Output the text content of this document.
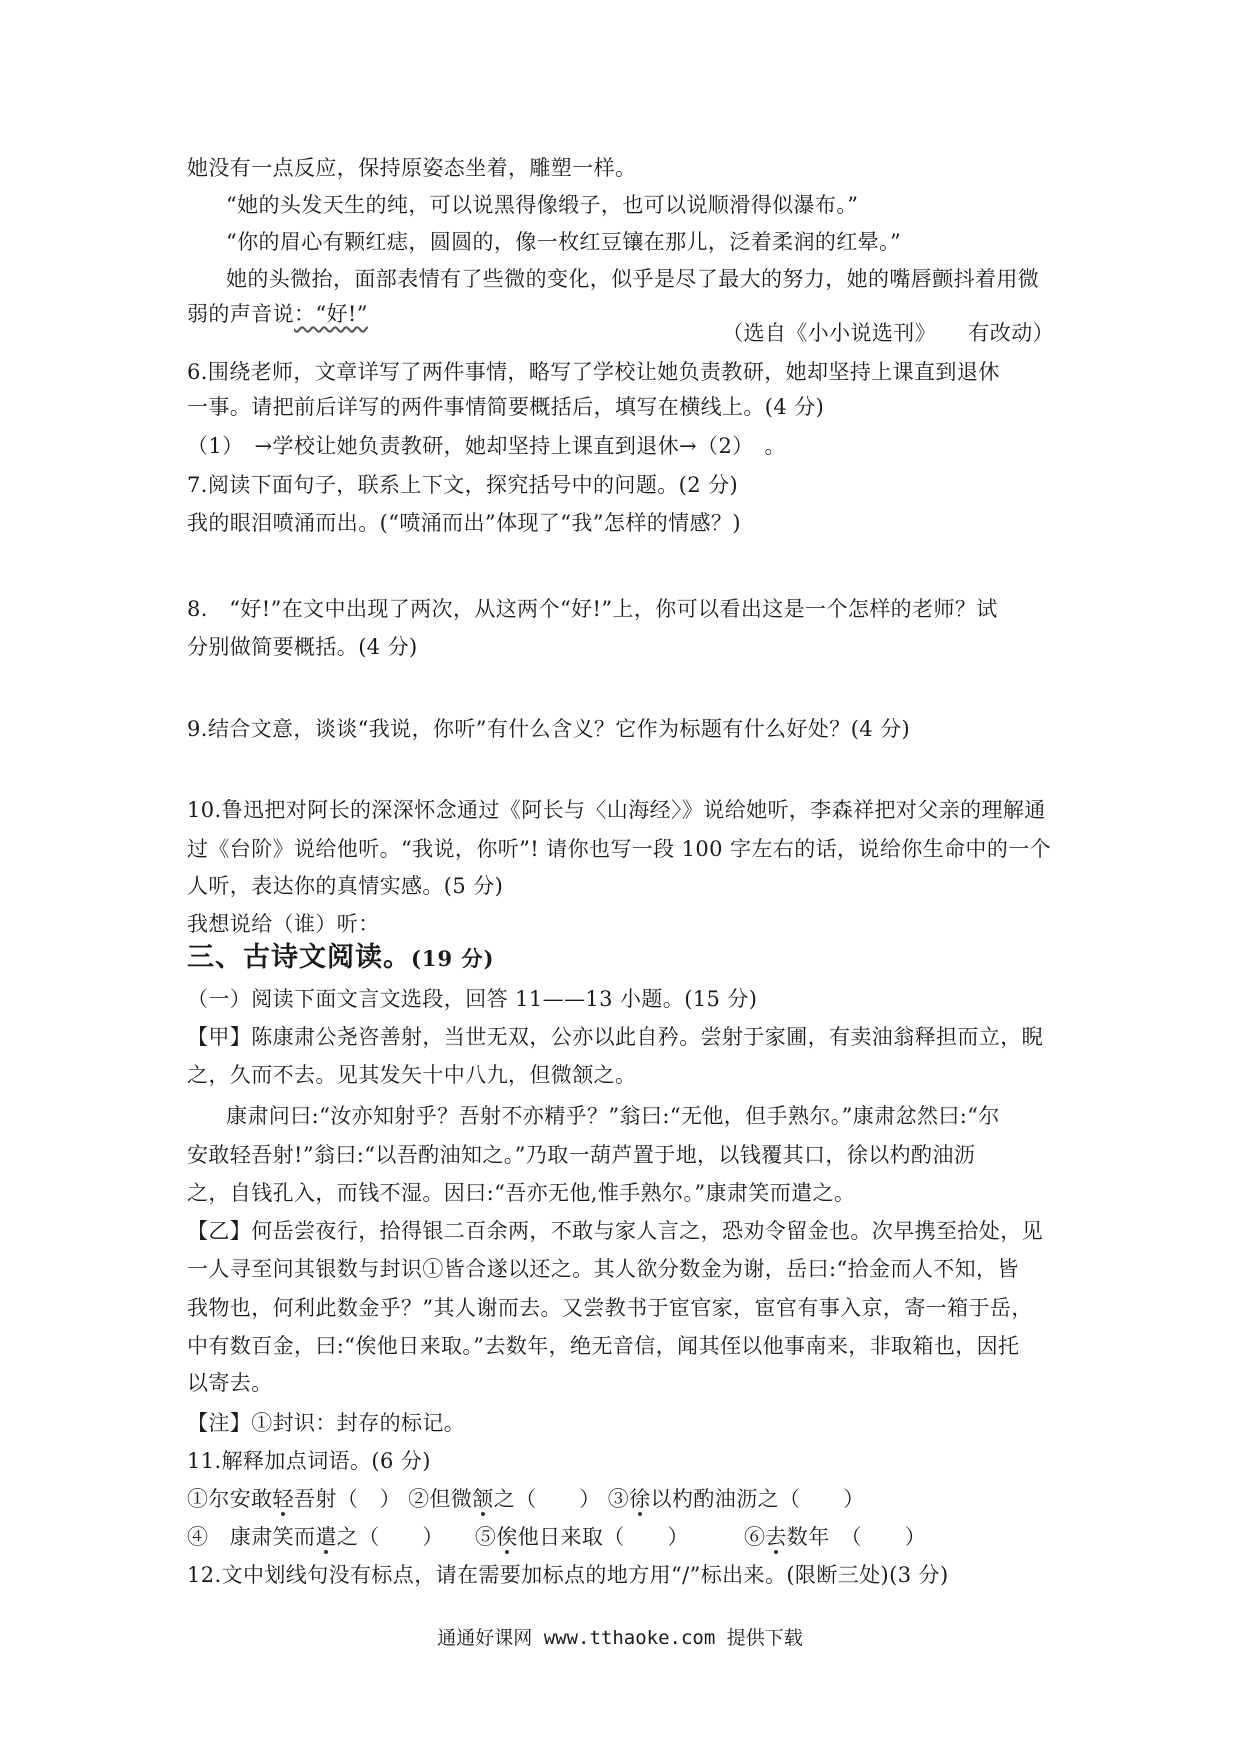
她没有一点反应，保持原姿态坐着，雕塑一样。
“她的头发天生的纯，可以说黑得像缎子，也可以说顺滑得似瀑布。”
“你的眉心有颗红痣，圆圆的，像一枚红豆镶在那儿，泛着柔润的红晕。”
她的头微抬，面部表情有了些微的变化，似乎是尽了最大的努力，她的嘴唇颤抖着用微
弱的声音说：“好!”
（选自《小小说选刊》　　有改动）
6.围绕老师，文章详写了两件事情，略写了学校让她负责教研，她却坚持上课直到退休
一事。请把前后详写的两件事情简要概括后，填写在横线上。(4 分)
（1）　→学校让她负责教研，她却坚持上课直到退休→（2）　。
7.阅读下面句子，联系上下文，探究括号中的问题。(2 分)
我的眼泪喷涌而出。(“喷涌而出”体现了“我”怎样的情感？)
8.　“好!”在文中出现了两次，从这两个“好!”上，你可以看出这是一个怎样的老师？试
分别做简要概括。(4 分)
9.结合文意，谈谈“我说，你听”有什么含义？它作为标题有什么好处？(4 分)
10.鲁迅把对阿长的深深怀念通过《阿长与〈山海经〉》说给她听，李森祥把对父亲的理解通
过《台阶》说给他听。“我说，你听”! 请你也写一段 100 字左右的话，说给你生命中的一个
人听，表达你的真情实感。(5 分)
我想说给（谁）听：
三、古诗文阅读。(19 分)
（一）阅读下面文言文选段，回答 11——13 小题。(15 分)
【甲】陈康肃公尧咨善射，当世无双，公亦以此自矜。尝射于家圃，有卖油翁释担而立，睨
之，久而不去。见其发矢十中八九，但微颔之。
康肃问曰:“汝亦知射乎？吾射不亦精乎？”翁曰:“无他，但手熟尔。”康肃忿然曰:“尔
安敢轻吾射!”翁曰:“以吾酌油知之。”乃取一葫芦置于地，以钱覆其口，徐以杓酌油沥
之，自钱孔入，而钱不湿。因曰:“吾亦无他,惟手熟尔。”康肃笑而遣之。
【乙】何岳尝夜行，拾得银二百余两，不敢与家人言之，恐劝令留金也。次早携至拾处，见
一人寻至问其银数与封识①皆合遂以还之。其人欲分数金为谢，岳曰:“拾金而人不知，皆
我物也，何利此数金乎？”其人谢而去。又尝教书于宦官家，宦官有事入京，寄一箱于岳，
中有数百金，曰:“俟他日来取。”去数年，绝无音信，闻其侄以他事南来，非取箱也，因托
以寄去。
【注】①封识：封存的标记。
11.解释加点词语。(6 分)
①尔安敢轻吾射（　） ②但微颔之（　　） ③徐以杓酌油沥之（　　）
④　康肃笑而遣之（　　） ⑤俟他日来取（　　）	⑥去数年　（　　）
12.文中划线句没有标点，请在需要加标点的地方用“/”标出来。(限断三处)(3 分)
通通好课网 www.tthaoke.com 提供下载
